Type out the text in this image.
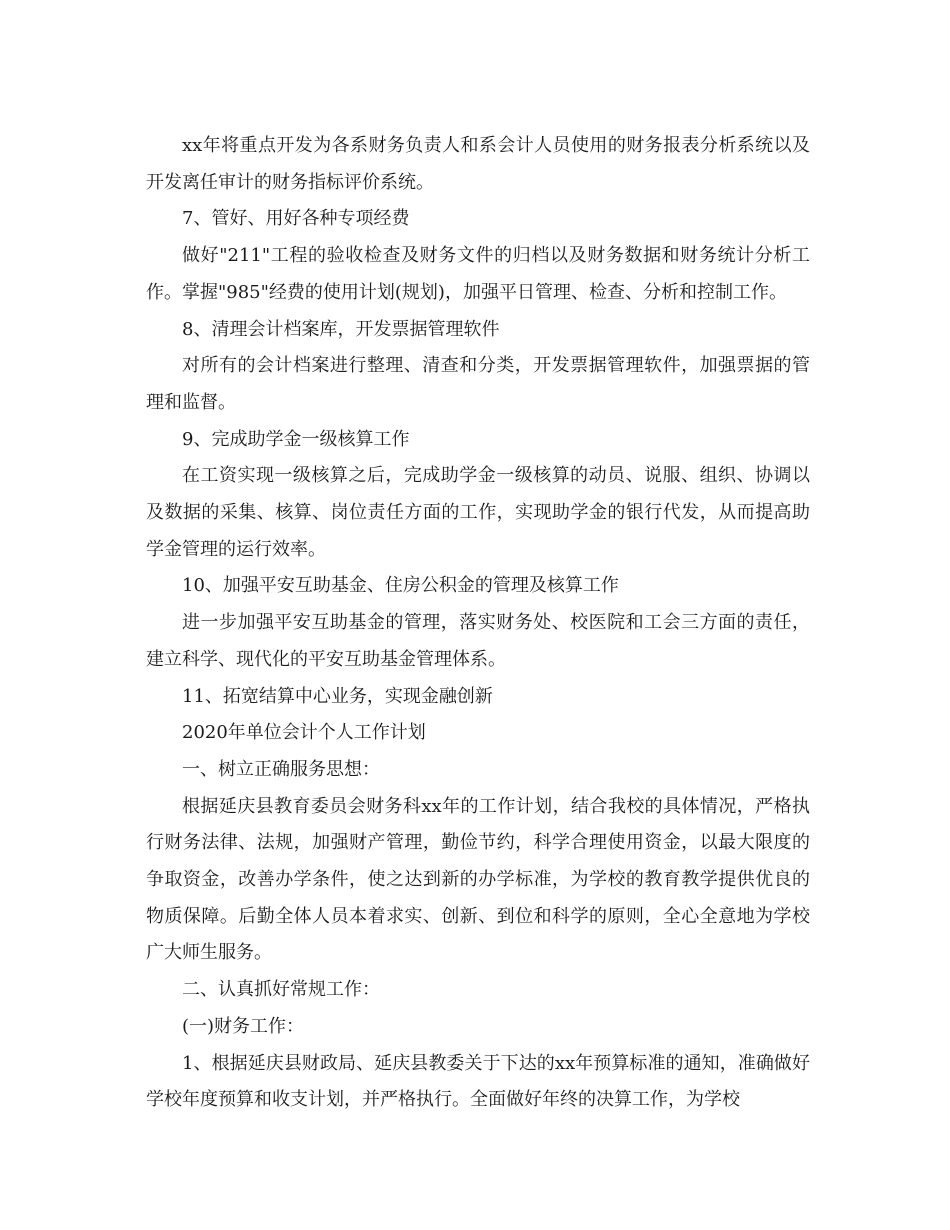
xx年将重点开发为各系财务负责人和系会计人员使用的财务报表分析系统以及开发离任审计的财务指标评价系统。

7、管好、用好各种专项经费

做好"211"工程的验收检查及财务文件的归档以及财务数据和财务统计分析工作。掌握"985"经费的使用计划(规划)，加强平日管理、检查、分析和控制工作。

8、清理会计档案库，开发票据管理软件

对所有的会计档案进行整理、清查和分类，开发票据管理软件，加强票据的管理和监督。

9、完成助学金一级核算工作

在工资实现一级核算之后，完成助学金一级核算的动员、说服、组织、协调以及数据的采集、核算、岗位责任方面的工作，实现助学金的银行代发，从而提高助学金管理的运行效率。

10、加强平安互助基金、住房公积金的管理及核算工作

进一步加强平安互助基金的管理，落实财务处、校医院和工会三方面的责任，建立科学、现代化的平安互助基金管理体系。

11、拓宽结算中心业务，实现金融创新

2020年单位会计个人工作计划

一、树立正确服务思想：

根据延庆县教育委员会财务科xx年的工作计划，结合我校的具体情况，严格执行财务法律、法规，加强财产管理，勤俭节约，科学合理使用资金，以最大限度的争取资金，改善办学条件，使之达到新的办学标准，为学校的教育教学提供优良的物质保障。后勤全体人员本着求实、创新、到位和科学的原则，全心全意地为学校广大师生服务。

二、认真抓好常规工作：

(一)财务工作：

1、根据延庆县财政局、延庆县教委关于下达的xx年预算标准的通知，准确做好学校年度预算和收支计划，并严格执行。全面做好年终的决算工作，为学校
